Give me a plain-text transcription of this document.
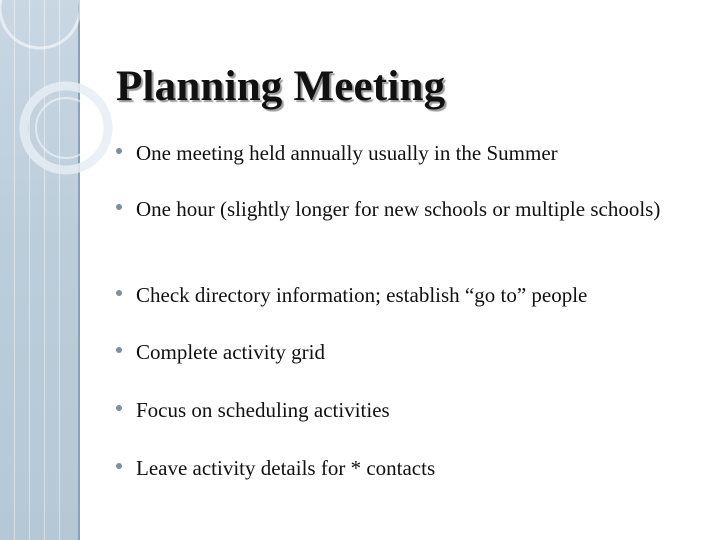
Planning Meeting
One meeting held annually usually in the Summer
One hour (slightly longer for new schools or multiple schools)
Check directory information; establish “go to” people
Complete activity grid
Focus on scheduling activities
Leave activity details for * contacts
